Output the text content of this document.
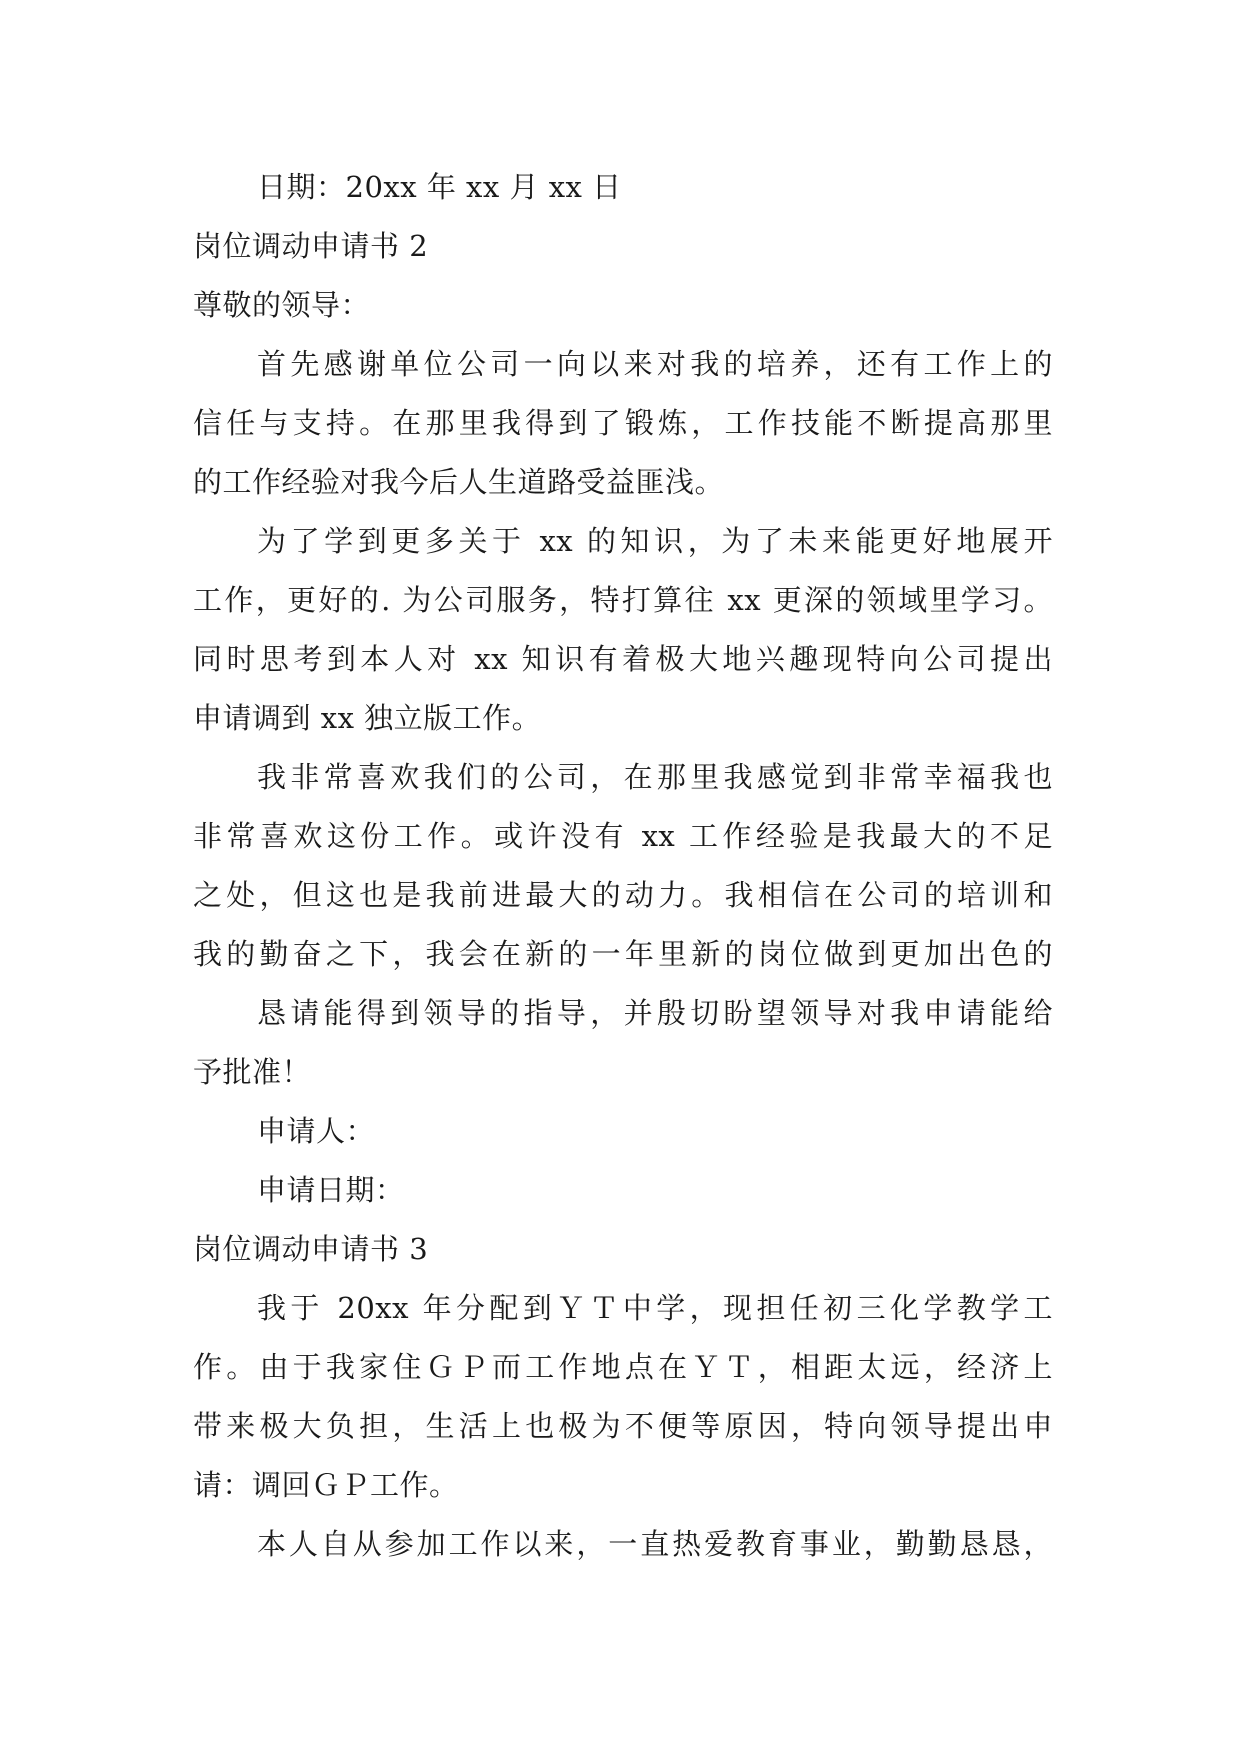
日期：20xx 年 xx 月 xx 日
岗位调动申请书 2
尊敬的领导：
首先感谢单位公司一向以来对我的培养，还有工作上的
信任与支持。在那里我得到了锻炼，工作技能不断提高那里
的工作经验对我今后人生道路受益匪浅。
为了学到更多关于 xx 的知识，为了未来能更好地展开
工作，更好的. 为公司服务，特打算往 xx 更深的领域里学习。
同时思考到本人对 xx 知识有着极大地兴趣现特向公司提出
申请调到 xx 独立版工作。
我非常喜欢我们的公司，在那里我感觉到非常幸福我也
非常喜欢这份工作。或许没有 xx 工作经验是我最大的不足
之处，但这也是我前进最大的动力。我相信在公司的培训和
我的勤奋之下，我会在新的一年里新的岗位做到更加出色的
恳请能得到领导的指导，并殷切盼望领导对我申请能给
予批准！
申请人：
申请日期：
岗位调动申请书 3
我于 20xx 年分配到ＹＴ中学，现担任初三化学教学工
作。由于我家住ＧＰ而工作地点在ＹＴ，相距太远，经济上
带来极大负担，生活上也极为不便等原因，特向领导提出申
请：调回ＧＰ工作。
本人自从参加工作以来，一直热爱教育事业，勤勤恳恳，
